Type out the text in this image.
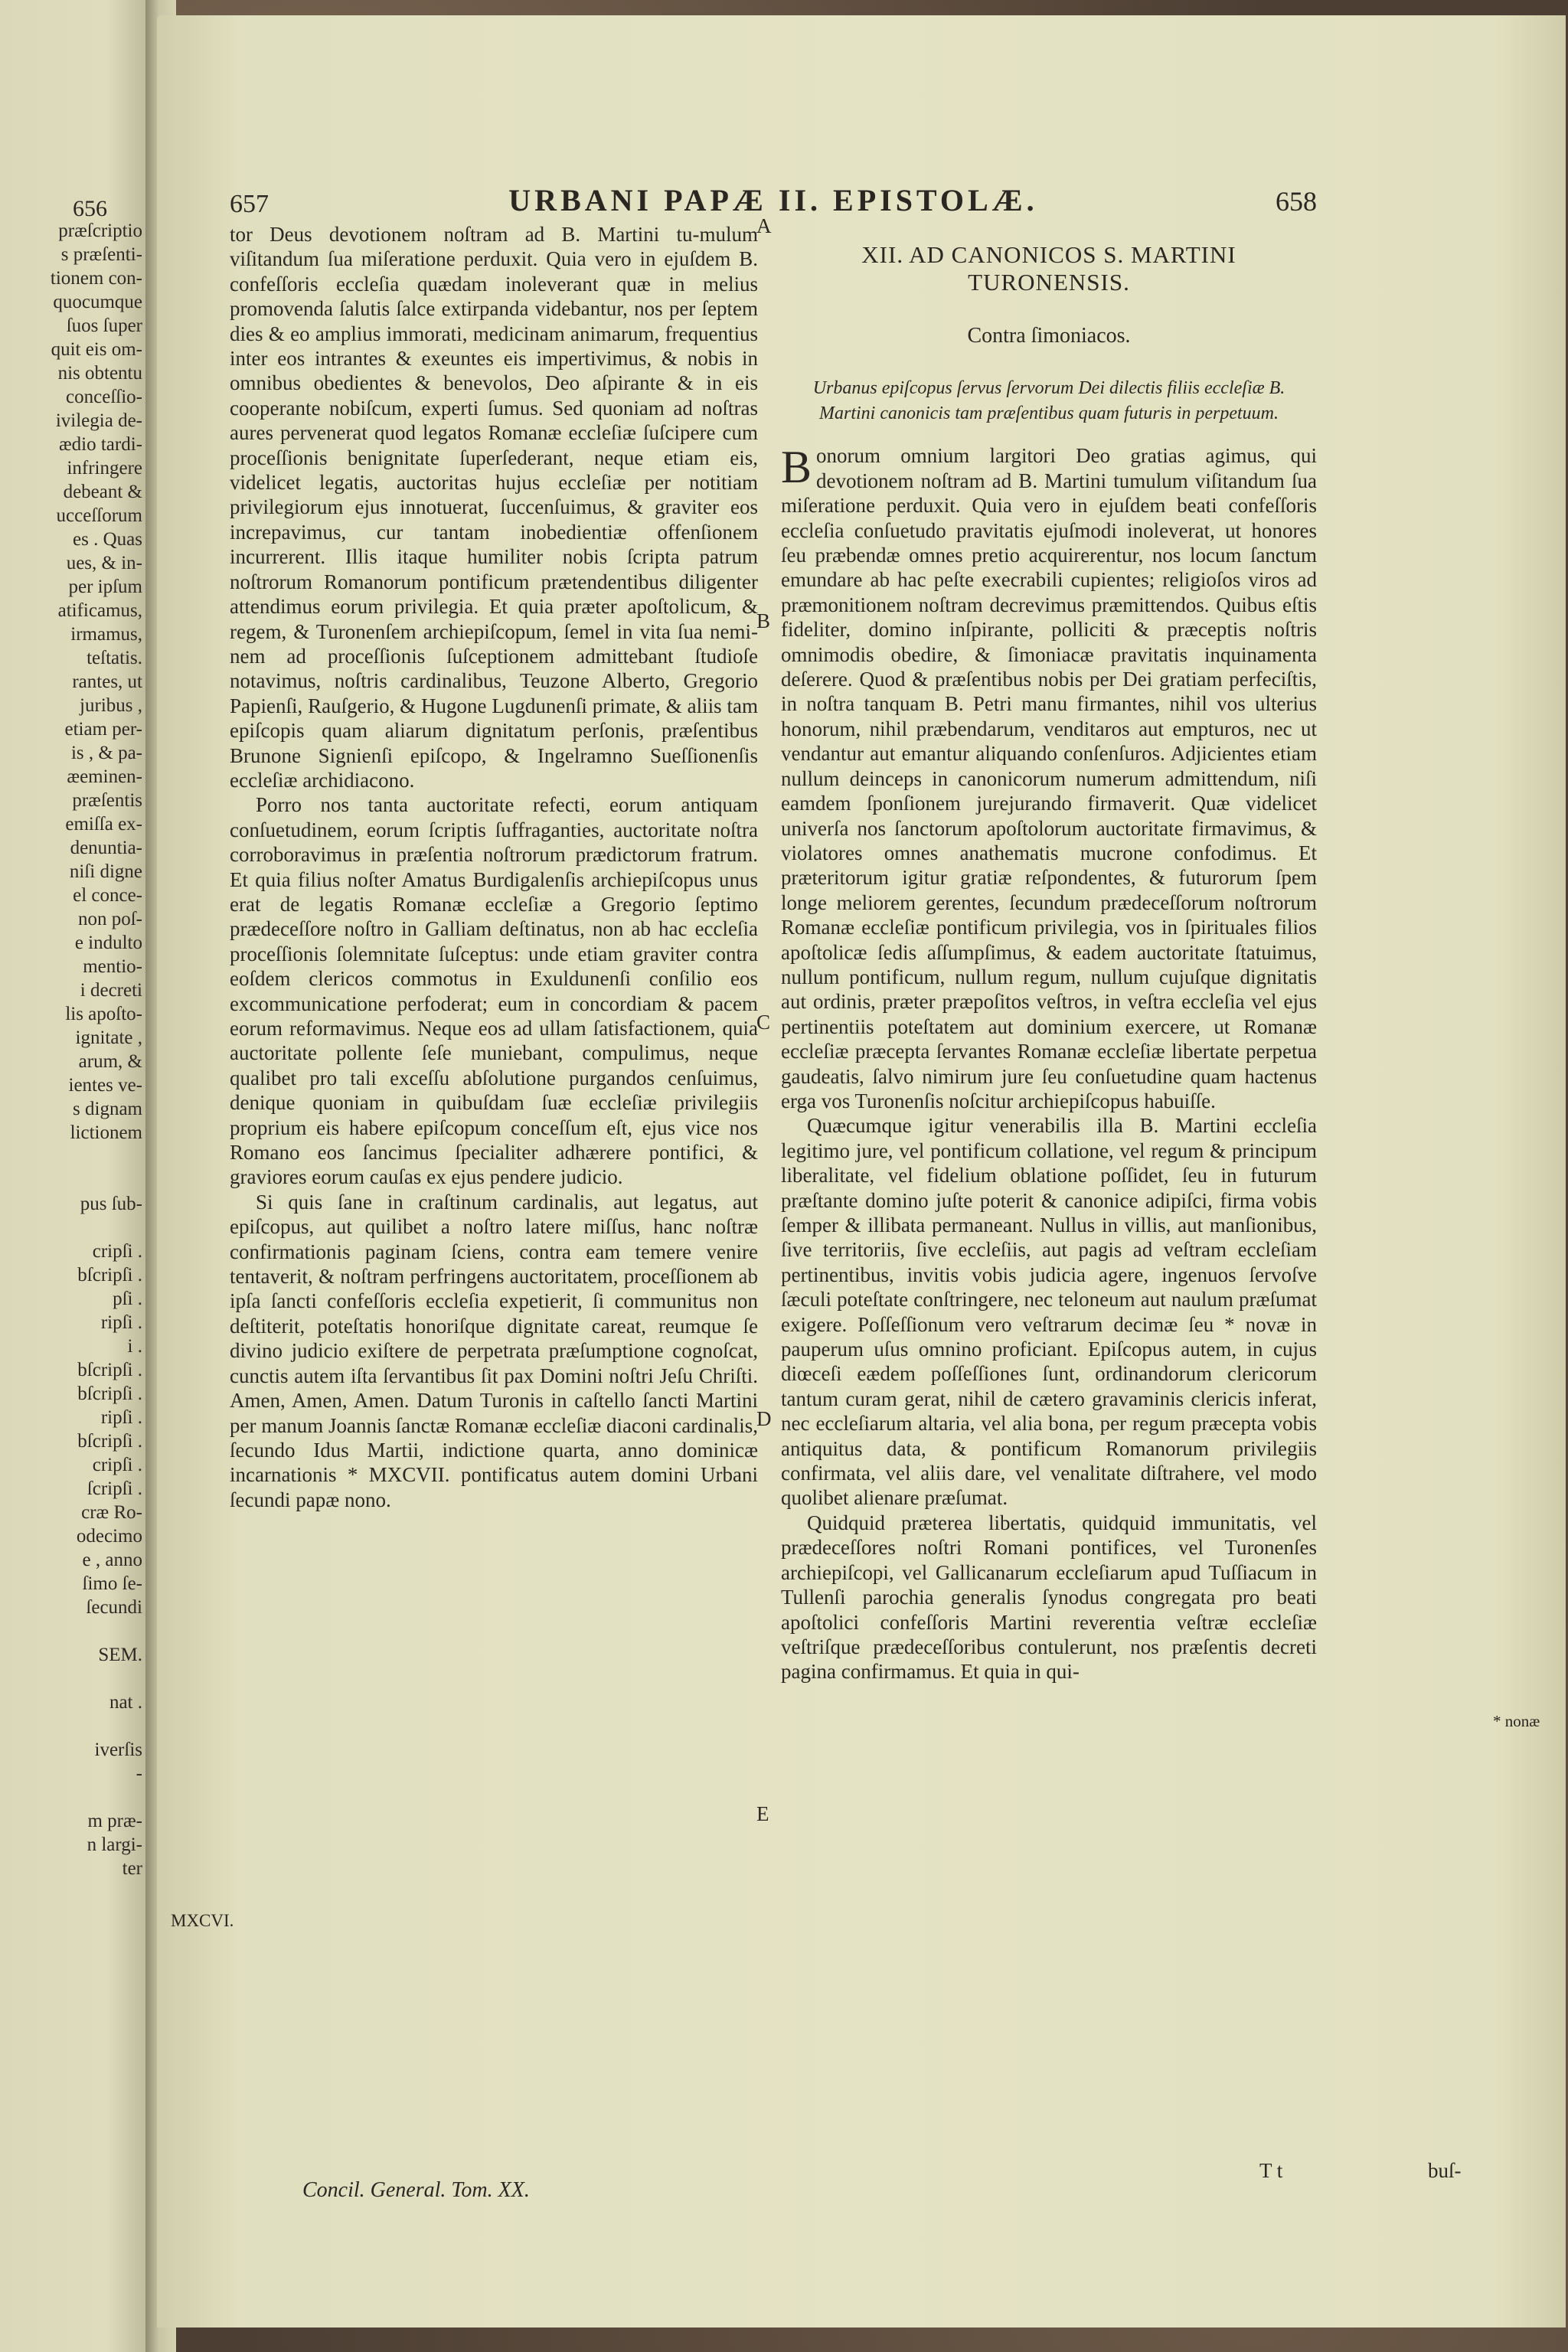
656
præſcriptio
s præſenti-
tionem con-
quocumque
ſuos ſuper
quit eis om-
nis obtentu
conceſſio-
ivilegia de-
ædio tardi-
infringere
debeant &
ucceſſorum
es . Quas
ues, & in-
per ipſum
atificamus,
irmamus,
teſtatis.
rantes, ut
juribus ,
etiam per-
is , & pa-
æeminen-
præſentis
emiſſa ex-
denuntia-
niſi digne
el conce-
non poſ-
e indulto
mentio-
i decreti
lis apoſto-
ignitate ,
arum, &
ientes ve-
s dignam
lictionem

pus ſub-

cripſi .
bſcripſi .
pſi .
ripſi .
i .
bſcripſi .
bſcripſi .
ripſi .
bſcripſi .
cripſi .
ſcripſi .
cræ Ro-
odecimo
e , anno
ſimo ſe-
ſecundi

SEM.

nat .

iverſis
-

m præ-
n largi-
ter
657	URBANI PAPÆ II. EPISTOLÆ.	658

tor Deus devotionem noſtram ad B. Martini tu-mulum viſitandum ſua miſeratione perduxit. Quia vero in ejuſdem B. confeſſoris eccleſia quædam inoleverant quæ in melius promovenda ſalutis ſalce extirpanda videbantur, nos per ſeptem dies & eo amplius immorati, medicinam animarum, frequentius inter eos intrantes & exeuntes eis impertivimus, & nobis in omnibus obedientes & benevolos, Deo aſpirante & in eis cooperante nobiſcum, experti ſumus. Sed quoniam ad noſtras aures pervenerat quod legatos Romanæ eccleſiæ ſuſcipere cum proceſſionis benignitate ſuperſederant, neque etiam eis, videlicet legatis, auctoritas hujus eccleſiæ per notitiam privilegiorum ejus innotuerat, ſuccenſuimus, & graviter eos increpavimus, cur tantam inobedientiæ offenſionem incurrerent. Illis itaque humiliter nobis ſcripta patrum noſtrorum Romanorum pontificum prætendentibus diligenter attendimus eorum privilegia. Et quia præter apoſtolicum, & regem, & Turonenſem archiepiſcopum, ſemel in vita ſua nemi-nem ad proceſſionis ſuſceptionem admittebant ſtudioſe notavimus, noſtris cardinalibus, Teuzone Alberto, Gregorio Papienſi, Rauſgerio, & Hugone Lugdunenſi primate, & aliis tam epiſcopis quam aliarum dignitatum perſonis, præſentibus Brunone Signienſi epiſcopo, & Ingelramno Sueſſionenſis eccleſiæ archidiacono.

Porro nos tanta auctoritate refecti, eorum antiquam conſuetudinem, eorum ſcriptis ſuffraganties, auctoritate noſtra corroboravimus in præſentia noſtrorum prædictorum fratrum. Et quia filius noſter Amatus Burdigalenſis archiepiſcopus unus erat de legatis Romanæ eccleſiæ a Gregorio ſeptimo prædeceſſore noſtro in Galliam deſtinatus, non ab hac eccleſia proceſſionis ſolemnitate ſuſceptus: unde etiam graviter contra eoſdem clericos commotus in Exuldunenſi conſilio eos excommunicatione perfoderat; eum in concordiam & pacem eorum reformavimus. Neque eos ad ullam ſatisfactionem, quia auctoritate pollente ſeſe muniebant, compulimus, neque qualibet pro tali exceſſu abſolutione purgandos cenſuimus, denique quoniam in quibuſdam ſuæ eccleſiæ privilegiis proprium eis habere epiſcopum conceſſum eſt, ejus vice nos Romano eos ſancimus ſpecialiter adhærere pontifici, & graviores eorum cauſas ex ejus pendere judicio.

Si quis ſane in craſtinum cardinalis, aut legatus, aut epiſcopus, aut quilibet a noſtro latere miſſus, hanc noſtræ confirmationis paginam ſciens, contra eam temere venire tentaverit, & noſtram perfringens auctoritatem, proceſſionem ab ipſa ſancti confeſſoris eccleſia expetierit, ſi communitus non deſtiterit, poteſtatis honoriſque dignitate careat, reumque ſe divino judicio exiſtere de perpetrata præſumptione cognoſcat, cunctis autem iſta ſervantibus ſit pax Domini noſtri Jeſu Chriſti. Amen, Amen, Amen. Datum Turonis in caſtello ſancti Martini per manum Joannis ſanctæ Romanæ eccleſiæ diaconi cardinalis, ſecundo Idus Martii, indictione quarta, anno dominicæ incarnationis * MXCVII. pontificatus autem domini Urbani ſecundi papæ nono.

XII. AD CANONICOS S. MARTINI TURONENSIS.
Contra ſimoniacos.
Urbanus epiſcopus ſervus ſervorum Dei dilectis filiis eccleſiæ B. Martini canonicis tam præſentibus quam futuris in perpetuum.

Bonorum omnium largitori Deo gratias agimus, qui devotionem noſtram ad B. Martini tumulum viſitandum ſua miſeratione perduxit. Quia vero in ejuſdem beati confeſſoris eccleſia conſuetudo pravitatis ejuſmodi inoleverat, ut honores ſeu præbendæ omnes pretio acquirerentur, nos locum ſanctum emundare ab hac peſte execrabili cupientes; religioſos viros ad præmonitionem noſtram decrevimus præmittendos. Quibus eſtis fideliter, domino inſpirante, polliciti & præceptis noſtris omnimodis obedire, & ſimoniacæ pravitatis inquinamenta deſerere. Quod & præſentibus nobis per Dei gratiam perfeciſtis, in noſtra tanquam B. Petri manu firmantes, nihil vos ulterius honorum, nihil præbendarum, venditaros aut empturos, nec ut vendantur aut emantur aliquando conſenſuros. Adjicientes etiam nullum deinceps in canonicorum numerum admittendum, niſi eamdem ſponſionem jurejurando firmaverit. Quæ videlicet univerſa nos ſanctorum apoſtolorum auctoritate firmavimus, & violatores omnes anathematis mucrone confodimus. Et præteritorum igitur gratiæ reſpondentes, & futurorum ſpem longe meliorem gerentes, ſecundum prædeceſſorum noſtrorum Romanæ eccleſiæ pontificum privilegia, vos in ſpirituales filios apoſtolicæ ſedis aſſumpſimus, & eadem auctoritate ſtatuimus, nullum pontificum, nullum regum, nullum cujuſque dignitatis aut ordinis, præter præpoſitos veſtros, in veſtra eccleſia vel ejus pertinentiis poteſtatem aut dominium exercere, ut Romanæ eccleſiæ præcepta ſervantes Romanæ eccleſiæ libertate perpetua gaudeatis, ſalvo nimirum jure ſeu conſuetudine quam hactenus erga vos Turonenſis noſcitur archiepiſcopus habuiſſe.

Quæcumque igitur venerabilis illa B. Martini eccleſia legitimo jure, vel pontificum collatione, vel regum & principum liberalitate, vel fidelium oblatione poſſidet, ſeu in futurum præſtante domino juſte poterit & canonice adipiſci, firma vobis ſemper & illibata permaneant. Nullus in villis, aut manſionibus, ſive territoriis, ſive eccleſiis, aut pagis ad veſtram eccleſiam pertinentibus, invitis vobis judicia agere, ingenuos ſervoſve ſæculi poteſtate conſtringere, nec teloneum aut naulum præſumat exigere. Poſſeſſionum vero veſtrarum decimæ ſeu * novæ in pauperum uſus omnino proficiant. Epiſcopus autem, in cujus diœceſi eædem poſſeſſiones ſunt, ordinandorum clericorum tantum curam gerat, nihil de cætero gravaminis clericis inferat, nec eccleſiarum altaria, vel alia bona, per regum præcepta vobis antiquitus data, & pontificum Romanorum privilegiis confirmata, vel aliis dare, vel venalitate diſtrahere, vel modo quolibet alienare præſumat.

Quidquid præterea libertatis, quidquid immunitatis, vel prædeceſſores noſtri Romani pontifices, vel Turonenſes archiepiſcopi, vel Gallicanarum eccleſiarum apud Tuſſiacum in Tullenſi parochia generalis ſynodus congregata pro beati apoſtolici confeſſoris Martini reverentia veſtræ eccleſiæ veſtriſque prædeceſſoribus contulerunt, nos præſentis decreti pagina confirmamus. Et quia in qui-

A
B
C
D
E
MXCVI.
* nonæ
Concil. General. Tom. XX.
T t	buſ-
